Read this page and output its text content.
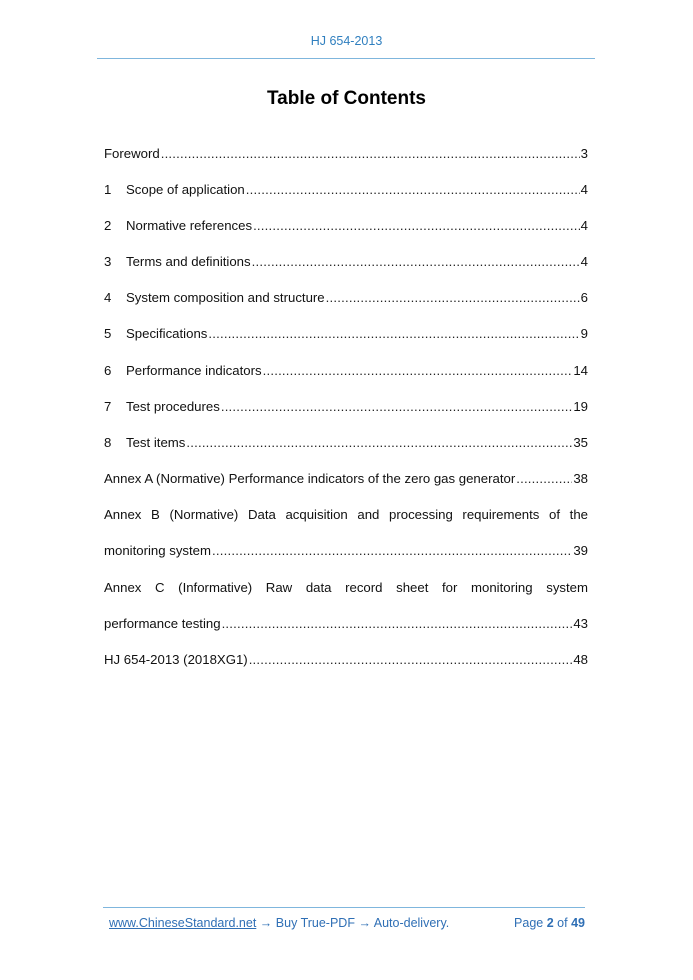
HJ 654-2013
Table of Contents
Foreword .....	3
1	Scope of application .....	4
2	Normative references .....	4
3	Terms and definitions .....	4
4	System composition and structure .....	6
5	Specifications .....	9
6	Performance indicators .....	14
7	Test procedures .....	19
8	Test items .....	35
Annex A (Normative) Performance indicators of the zero gas generator .....	38
Annex B (Normative) Data acquisition and processing requirements of the
monitoring system .....	39
Annex C (Informative) Raw data record sheet for monitoring system
performance testing .....	43
HJ 654-2013 (2018XG1) .....	48
www.ChineseStandard.net → Buy True-PDF → Auto-delivery.	Page 2 of 49
